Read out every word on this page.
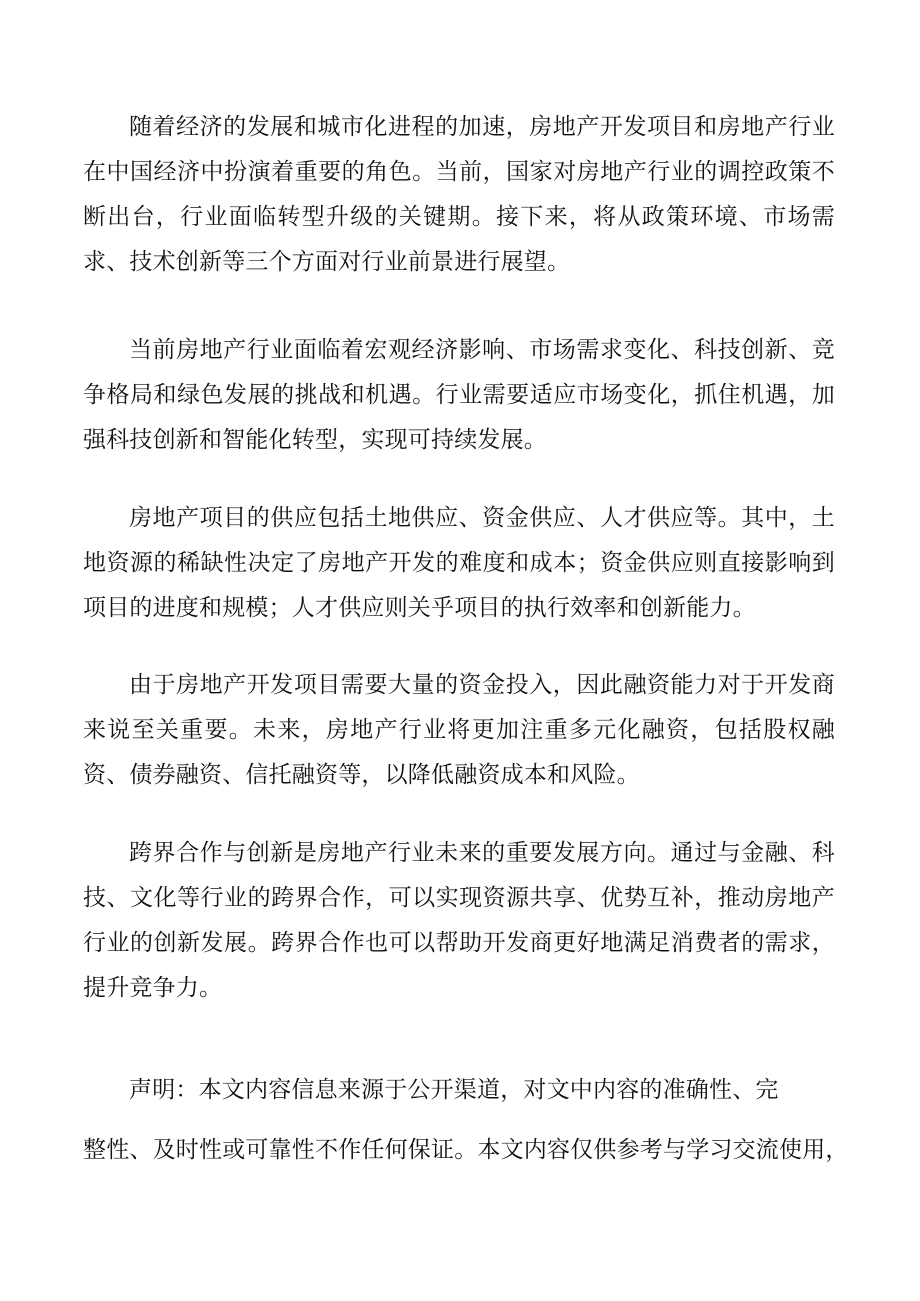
随着经济的发展和城市化进程的加速，房地产开发项目和房地产行业在中国经济中扮演着重要的角色。当前，国家对房地产行业的调控政策不断出台，行业面临转型升级的关键期。接下来，将从政策环境、市场需求、技术创新等三个方面对行业前景进行展望。

当前房地产行业面临着宏观经济影响、市场需求变化、科技创新、竞争格局和绿色发展的挑战和机遇。行业需要适应市场变化，抓住机遇，加强科技创新和智能化转型，实现可持续发展。

房地产项目的供应包括土地供应、资金供应、人才供应等。其中，土地资源的稀缺性决定了房地产开发的难度和成本；资金供应则直接影响到项目的进度和规模；人才供应则关乎项目的执行效率和创新能力。

由于房地产开发项目需要大量的资金投入，因此融资能力对于开发商来说至关重要。未来，房地产行业将更加注重多元化融资，包括股权融资、债券融资、信托融资等，以降低融资成本和风险。

跨界合作与创新是房地产行业未来的重要发展方向。通过与金融、科技、文化等行业的跨界合作，可以实现资源共享、优势互补，推动房地产行业的创新发展。跨界合作也可以帮助开发商更好地满足消费者的需求，提升竞争力。

声明：本文内容信息来源于公开渠道，对文中内容的准确性、完
整性、及时性或可靠性不作任何保证。本文内容仅供参考与学习交流使用，
